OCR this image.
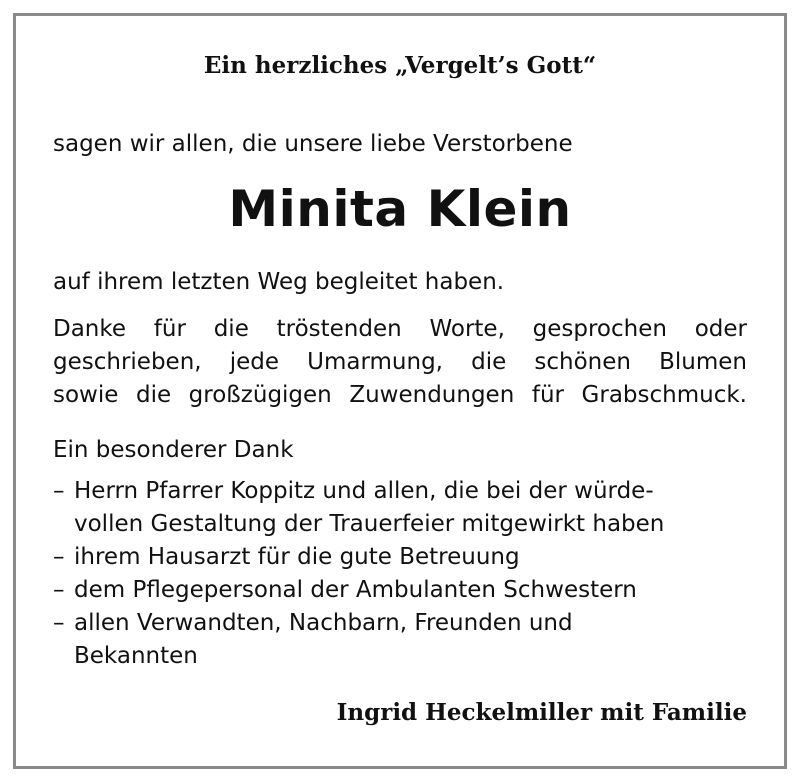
Ein herzliches „Vergelt’s Gott“
sagen wir allen, die unsere liebe Verstorbene
Minita Klein
auf ihrem letzten Weg begleitet haben.
Danke für die tröstenden Worte, gesprochen oder
geschrieben, jede Umarmung, die schönen Blumen
sowie die großzügigen Zuwendungen für Grabschmuck.
Ein besonderer Dank
– Herrn Pfarrer Koppitz und allen, die bei der würde-
vollen Gestaltung der Trauerfeier mitgewirkt haben
– ihrem Hausarzt für die gute Betreuung
– dem Pflegepersonal der Ambulanten Schwestern
– allen Verwandten, Nachbarn, Freunden und
Bekannten
Ingrid Heckelmiller mit Familie
